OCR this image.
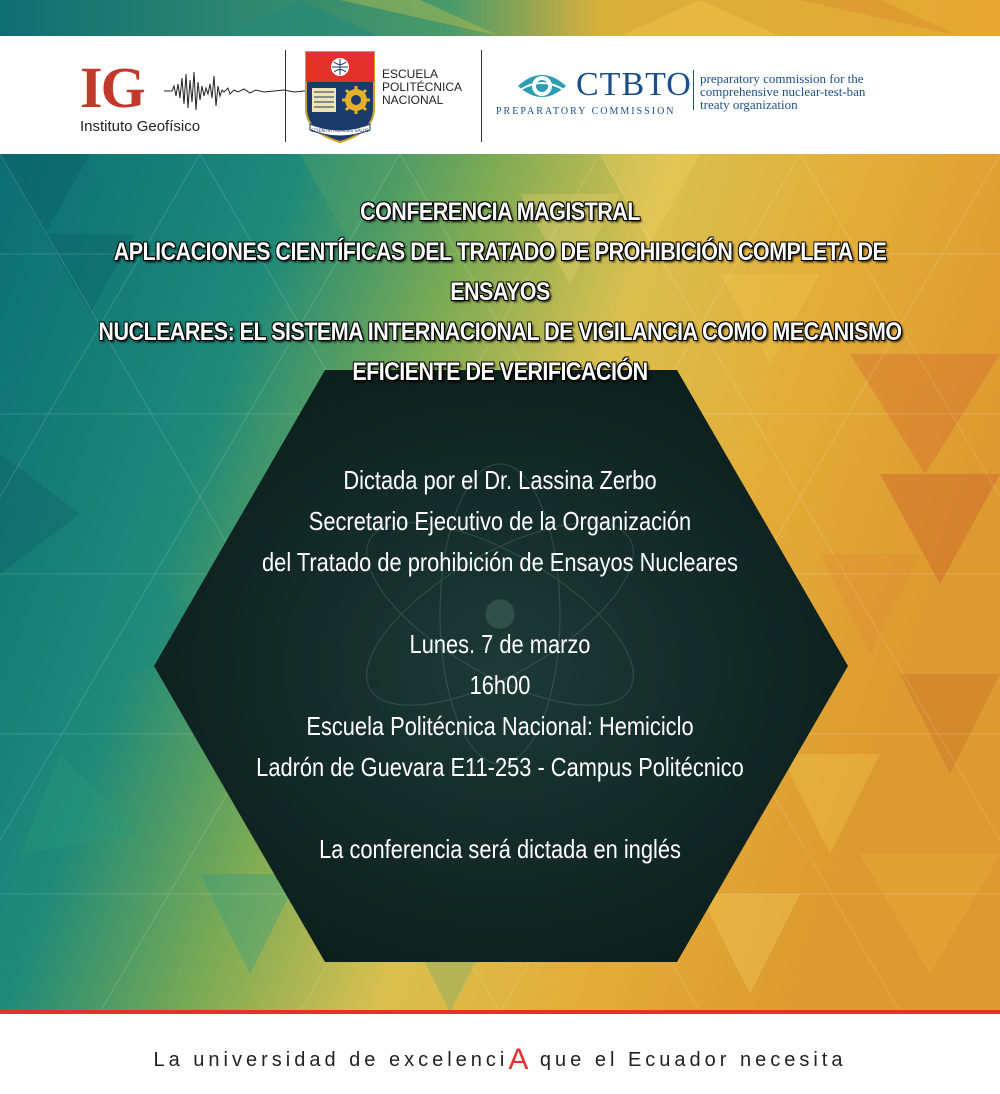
IG
Instituto Geofísico	SCIENTIA HOMINIS SALUS
ESCUELA
POLITÉCNICA
NACIONAL	CTBTO
PREPARATORY COMMISSION
preparatory commission for the
comprehensive nuclear-test-ban
treaty organization
CONFERENCIA MAGISTRAL
APLICACIONES CIENTÍFICAS DEL TRATADO DE PROHIBICIÓN COMPLETA DE ENSAYOS
NUCLEARES: EL SISTEMA INTERNACIONAL DE VIGILANCIA COMO MECANISMO
EFICIENTE DE VERIFICACIÓN
Dictada por el Dr. Lassina Zerbo
Secretario Ejecutivo de la Organización
del Tratado de prohibición de Ensayos Nucleares
Lunes. 7 de marzo
16h00
Escuela Politécnica Nacional: Hemiciclo
Ladrón de Guevara E11-253 - Campus Politécnico
La conferencia será dictada en inglés
La universidad de excelenciA que el Ecuador necesita
